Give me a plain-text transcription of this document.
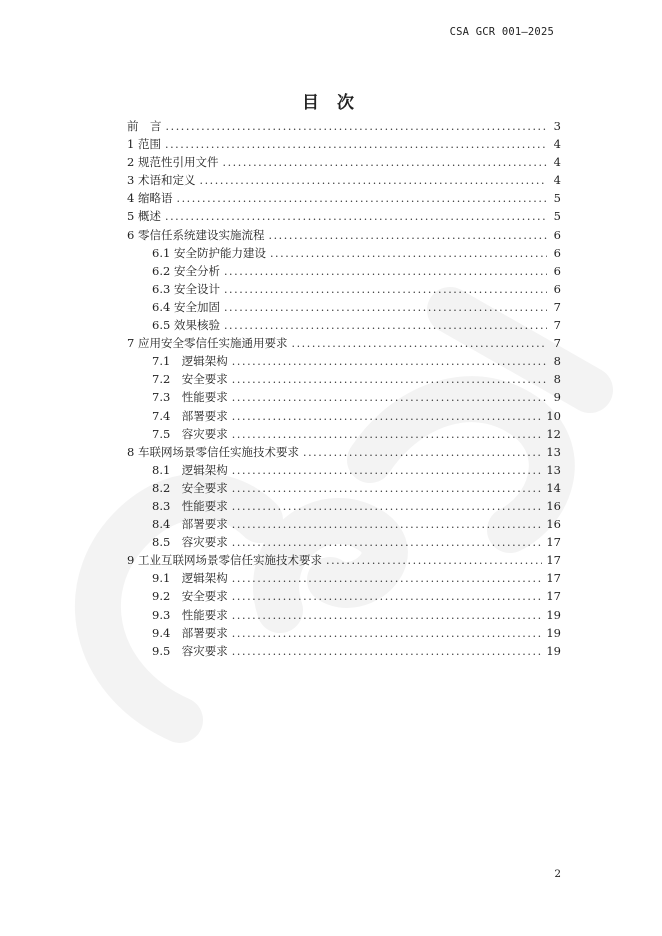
CSA GCR 001—2025
目 次
前　言 .....	3
1 范围 .....	4
2 规范性引用文件 .....	4
3 术语和定义 .....	4
4 缩略语 .....	5
5 概述 .....	5
6 零信任系统建设实施流程 .....	6
6.1 安全防护能力建设 .....	6
6.2 安全分析 .....	6
6.3 安全设计 .....	6
6.4 安全加固 .....	7
6.5 效果核验 .....	7
7 应用安全零信任实施通用要求 .....	7
7.1　逻辑架构 .....	8
7.2　安全要求 .....	8
7.3　性能要求 .....	9
7.4　部署要求 .....	10
7.5　容灾要求 .....	12
8 车联网场景零信任实施技术要求 .....	13
8.1　逻辑架构 .....	13
8.2　安全要求 .....	14
8.3　性能要求 .....	16
8.4　部署要求 .....	16
8.5　容灾要求 .....	17
9 工业互联网场景零信任实施技术要求 .....	17
9.1　逻辑架构 .....	17
9.2　安全要求 .....	17
9.3　性能要求 .....	19
9.4　部署要求 .....	19
9.5　容灾要求 .....	19
2
